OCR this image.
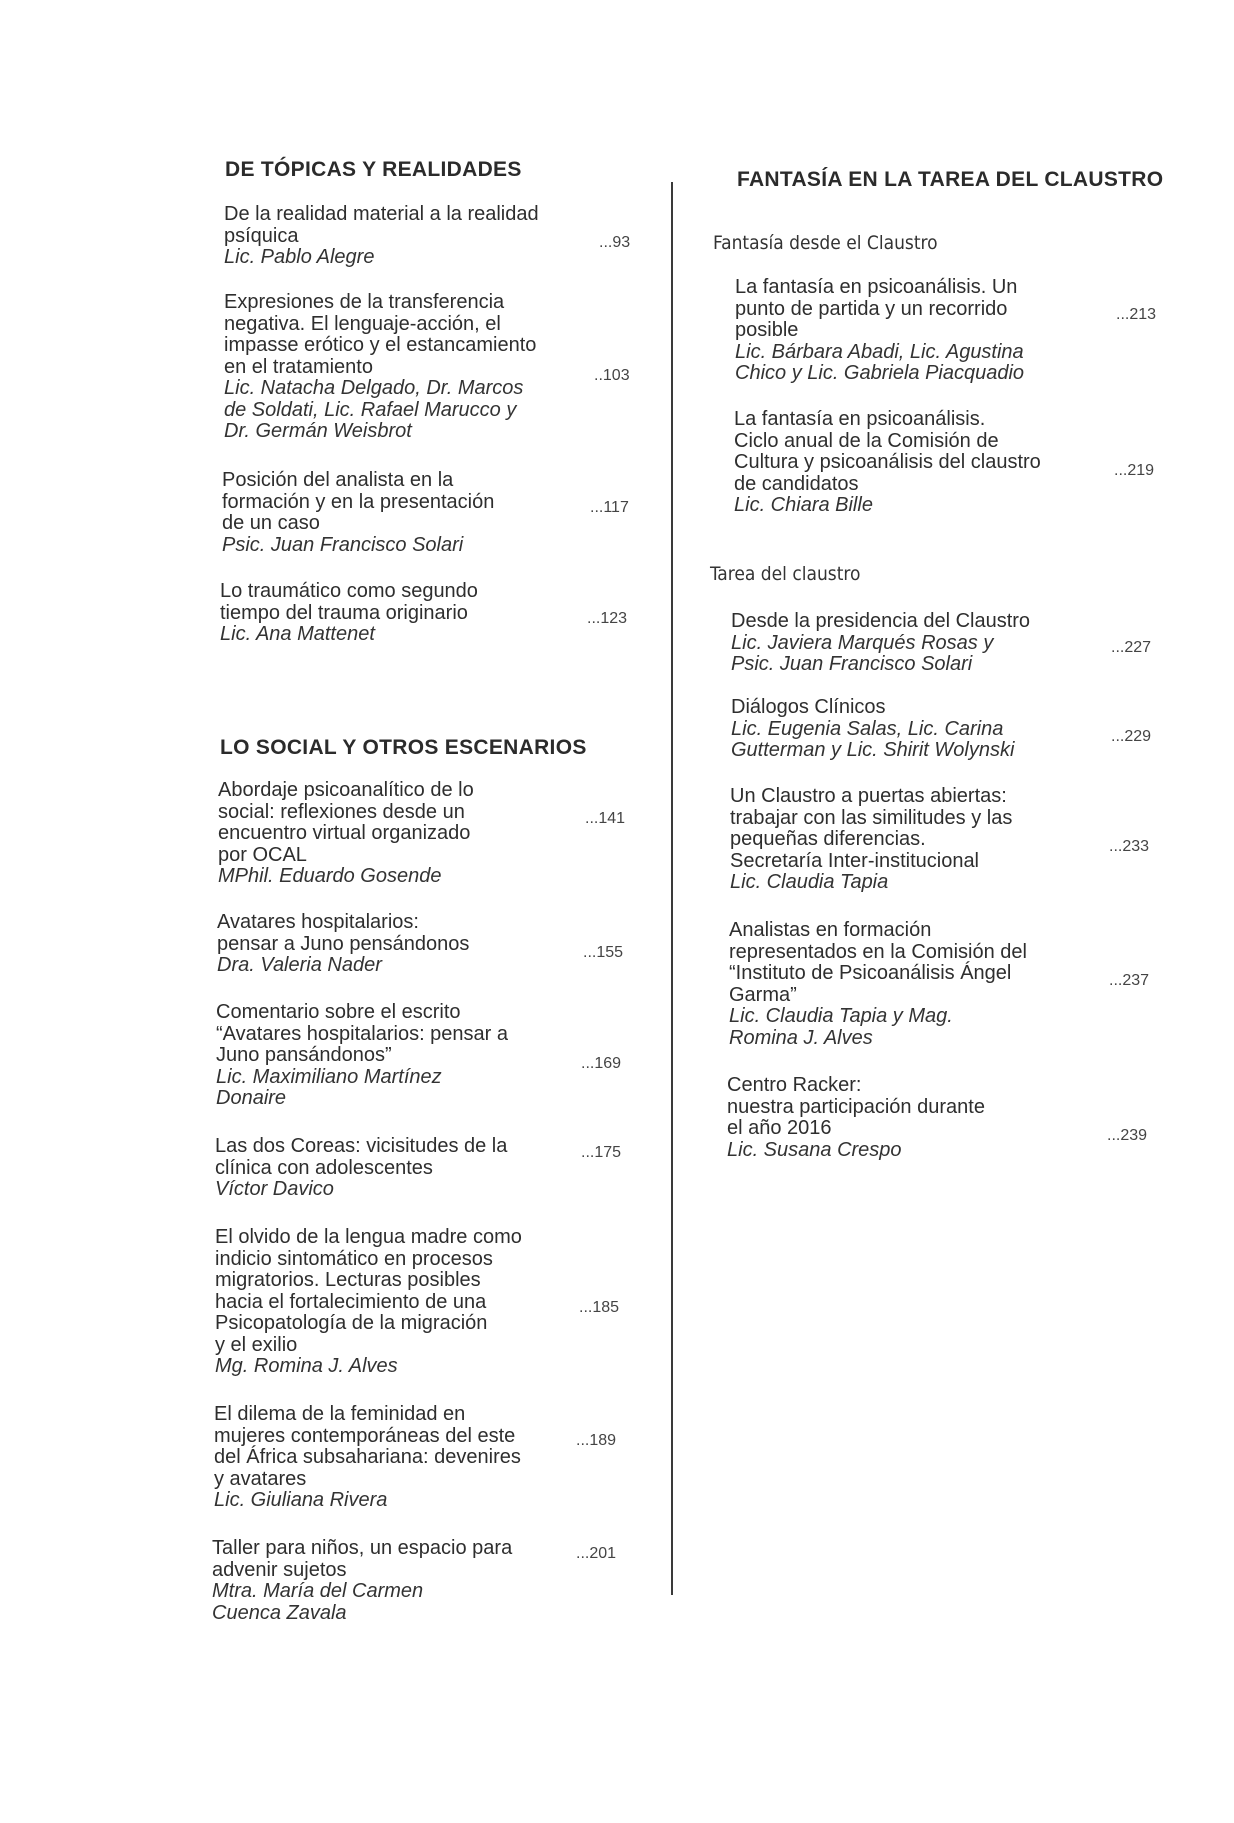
DE TÓPICAS Y REALIDADES
De la realidad material a la realidad
psíquica
Lic. Pablo Alegre
...93
Expresiones de la transferencia
negativa. El lenguaje-acción, el
impasse erótico y el estancamiento
en el tratamiento
Lic. Natacha Delgado, Dr. Marcos
de Soldati, Lic. Rafael Marucco y
Dr. Germán Weisbrot
..103
Posición del analista en la
formación y en la presentación
de un caso
Psic. Juan Francisco Solari
...117
Lo traumático como segundo
tiempo del trauma originario
Lic. Ana Mattenet
...123
LO SOCIAL Y OTROS ESCENARIOS
Abordaje psicoanalítico de lo
social: reflexiones desde un
encuentro virtual organizado
por OCAL
MPhil. Eduardo Gosende
...141
Avatares hospitalarios:
pensar a Juno pensándonos
Dra. Valeria Nader
...155
Comentario sobre el escrito
“Avatares hospitalarios: pensar a
Juno pansándonos”
Lic. Maximiliano Martínez
Donaire
...169
Las dos Coreas: vicisitudes de la
clínica con adolescentes
Víctor Davico
...175
El olvido de la lengua madre como
indicio sintomático en procesos
migratorios. Lecturas posibles
hacia el fortalecimiento de una
Psicopatología de la migración
y el exilio
Mg. Romina J. Alves
...185
El dilema de la feminidad en
mujeres contemporáneas del este
del África subsahariana: devenires
y avatares
Lic. Giuliana Rivera
...189
Taller para niños, un espacio para
advenir sujetos
Mtra. María del Carmen
Cuenca Zavala
...201
FANTASÍA EN LA TAREA DEL CLAUSTRO
Fantasía desde el Claustro
La fantasía en psicoanálisis. Un
punto de partida y un recorrido
posible
Lic. Bárbara Abadi, Lic. Agustina
Chico y Lic. Gabriela Piacquadio
...213
La fantasía en psicoanálisis.
Ciclo anual de la Comisión de
Cultura y psicoanálisis del claustro
de candidatos
Lic. Chiara Bille
...219
Tarea del claustro
Desde la presidencia del Claustro
Lic. Javiera Marqués Rosas y
Psic. Juan Francisco Solari
...227
Diálogos Clínicos
Lic. Eugenia Salas, Lic. Carina
Gutterman y Lic. Shirit Wolynski
...229
Un Claustro a puertas abiertas:
trabajar con las similitudes y las
pequeñas diferencias.
Secretaría Inter-institucional
Lic. Claudia Tapia
...233
Analistas en formación
representados en la Comisión del
“Instituto de Psicoanálisis Ángel
Garma”
Lic. Claudia Tapia y Mag.
Romina J. Alves
...237
Centro Racker:
nuestra participación durante
el año 2016
Lic. Susana Crespo
...239
